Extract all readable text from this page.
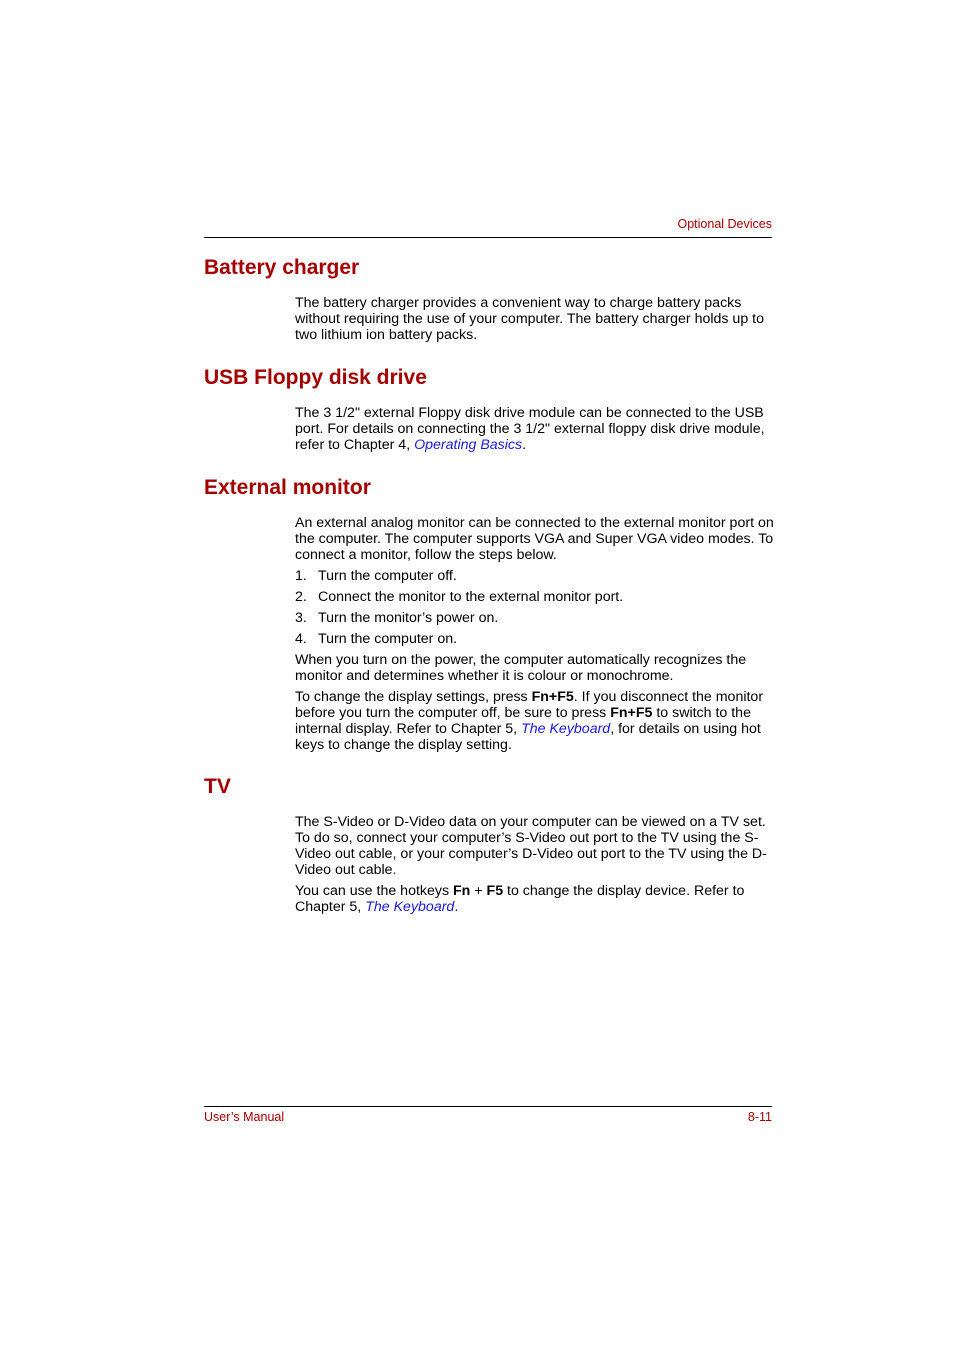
Optional Devices
Battery charger

The battery charger provides a convenient way to charge battery packs without requiring the use of your computer. The battery charger holds up to two lithium ion battery packs.

USB Floppy disk drive

The 3 1/2" external Floppy disk drive module can be connected to the USB port. For details on connecting the 3 1/2" external floppy disk drive module, refer to Chapter 4, Operating Basics.

External monitor

An external analog monitor can be connected to the external monitor port on the computer. The computer supports VGA and Super VGA video modes. To connect a monitor, follow the steps below.

1. Turn the computer off.
2. Connect the monitor to the external monitor port.
3. Turn the monitor’s power on.
4. Turn the computer on.

When you turn on the power, the computer automatically recognizes the monitor and determines whether it is colour or monochrome.

To change the display settings, press Fn+F5. If you disconnect the monitor before you turn the computer off, be sure to press Fn+F5 to switch to the internal display. Refer to Chapter 5, The Keyboard, for details on using hot keys to change the display setting.

TV

The S-Video or D-Video data on your computer can be viewed on a TV set. To do so, connect your computer’s S-Video out port to the TV using the S-Video out cable, or your computer’s D-Video out port to the TV using the D-Video out cable.

You can use the hotkeys Fn + F5 to change the display device. Refer to Chapter 5, The Keyboard.

User’s Manual	8-11
